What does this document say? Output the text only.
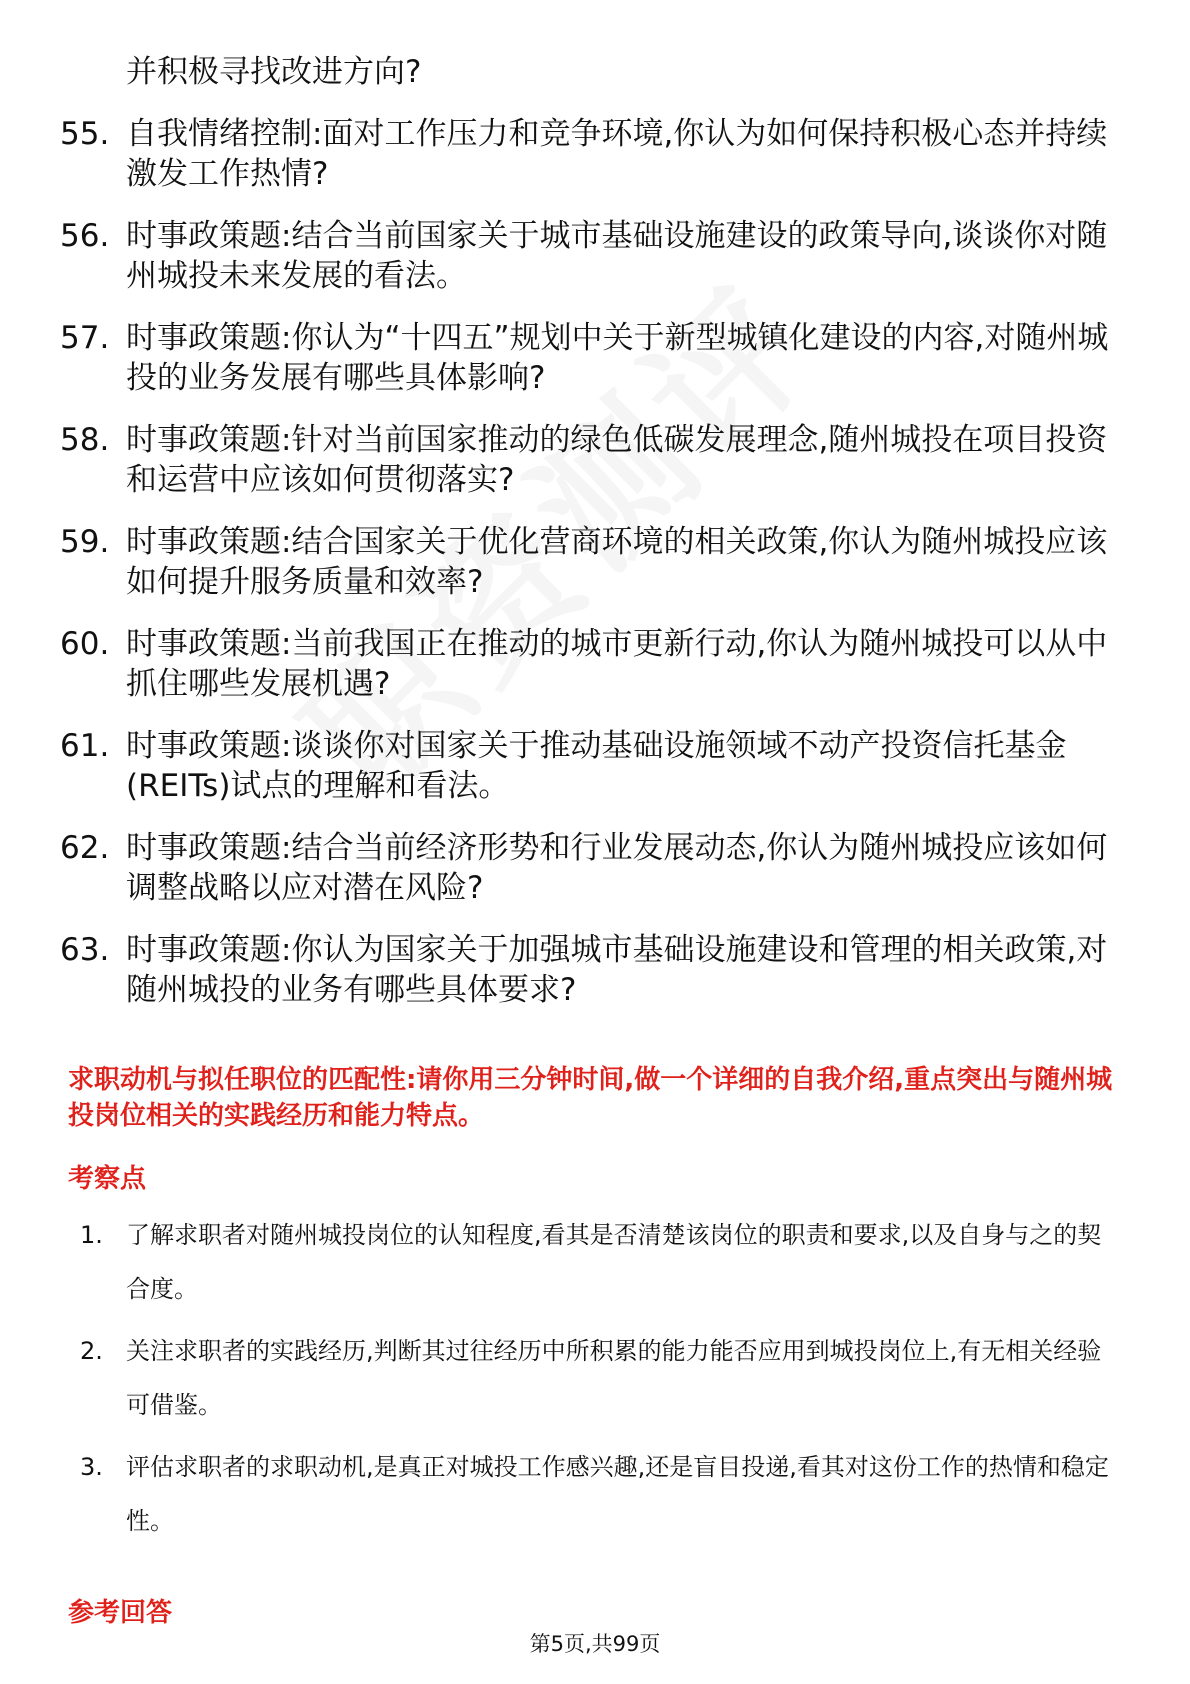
并积极寻找改进方向?
55. 自我情绪控制:面对工作压力和竞争环境,你认为如何保持积极心态并持续激发工作热情?
56. 时事政策题:结合当前国家关于城市基础设施建设的政策导向,谈谈你对随州城投未来发展的看法。
57. 时事政策题:你认为“十四五”规划中关于新型城镇化建设的内容,对随州城投的业务发展有哪些具体影响?
58. 时事政策题:针对当前国家推动的绿色低碳发展理念,随州城投在项目投资和运营中应该如何贯彻落实?
59. 时事政策题:结合国家关于优化营商环境的相关政策,你认为随州城投应该如何提升服务质量和效率?
60. 时事政策题:当前我国正在推动的城市更新行动,你认为随州城投可以从中抓住哪些发展机遇?
61. 时事政策题:谈谈你对国家关于推动基础设施领域不动产投资信托基金(REITs)试点的理解和看法。
62. 时事政策题:结合当前经济形势和行业发展动态,你认为随州城投应该如何调整战略以应对潜在风险?
63. 时事政策题:你认为国家关于加强城市基础设施建设和管理的相关政策,对随州城投的业务有哪些具体要求?

求职动机与拟任职位的匹配性:请你用三分钟时间,做一个详细的自我介绍,重点突出与随州城投岗位相关的实践经历和能力特点。

考察点

1. 了解求职者对随州城投岗位的认知程度,看其是否清楚该岗位的职责和要求,以及自身与之的契合度。
2. 关注求职者的实践经历,判断其过往经历中所积累的能力能否应用到城投岗位上,有无相关经验可借鉴。
3. 评估求职者的求职动机,是真正对城投工作感兴趣,还是盲目投递,看其对这份工作的热情和稳定性。

参考回答

第5页,共99页
